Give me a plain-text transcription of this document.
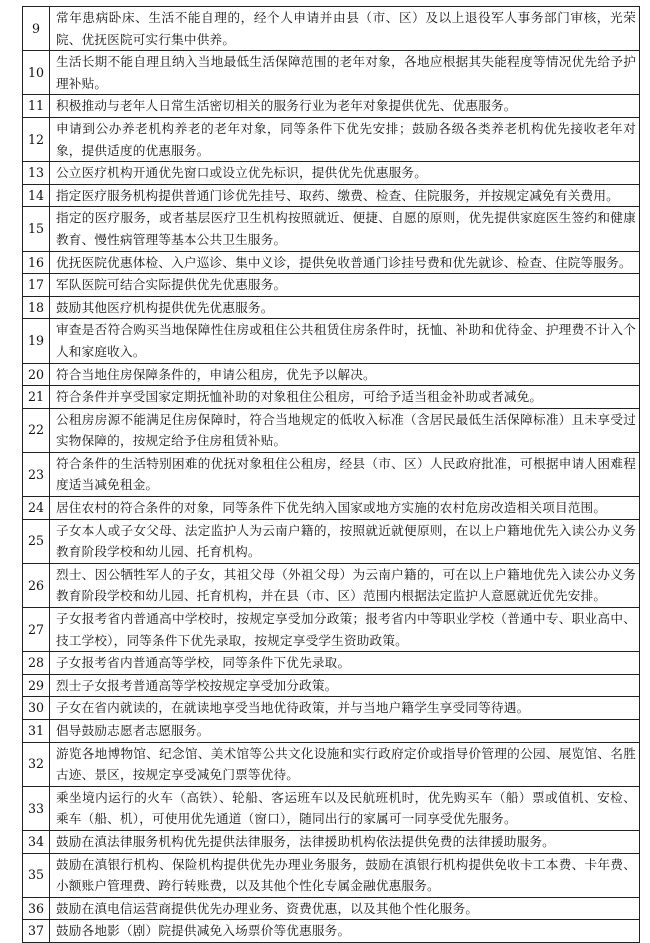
9	常年患病卧床、生活不能自理的，经个人申请并由县（市、区）及以上退役军人事务部门审核，光荣院、优抚医院可实行集中供养。
10	生活长期不能自理且纳入当地最低生活保障范围的老年对象，各地应根据其失能程度等情况优先给予护理补贴。
11	积极推动与老年人日常生活密切相关的服务行业为老年对象提供优先、优惠服务。
12	申请到公办养老机构养老的老年对象，同等条件下优先安排；鼓励各级各类养老机构优先接收老年对象，提供适度的优惠服务。
13	公立医疗机构开通优先窗口或设立优先标识，提供优先优惠服务。
14	指定医疗服务机构提供普通门诊优先挂号、取药、缴费、检查、住院服务，并按规定减免有关费用。
15	指定的医疗服务，或者基层医疗卫生机构按照就近、便捷、自愿的原则，优先提供家庭医生签约和健康教育、慢性病管理等基本公共卫生服务。
16	优抚医院优惠体检、入户巡诊、集中义诊，提供免收普通门诊挂号费和优先就诊、检查、住院等服务。
17	军队医院可结合实际提供优先优惠服务。
18	鼓励其他医疗机构提供优先优惠服务。
19	审查是否符合购买当地保障性住房或租住公共租赁住房条件时，抚恤、补助和优待金、护理费不计入个人和家庭收入。
20	符合当地住房保障条件的，申请公租房，优先予以解决。
21	符合条件并享受国家定期抚恤补助的对象租住公租房，可给予适当租金补助或者减免。
22	公租房房源不能满足住房保障时，符合当地规定的低收入标准（含居民最低生活保障标准）且未享受过实物保障的，按规定给予住房租赁补贴。
23	符合条件的生活特别困难的优抚对象租住公租房，经县（市、区）人民政府批准，可根据申请人困难程度适当减免租金。
24	居住农村的符合条件的对象，同等条件下优先纳入国家或地方实施的农村危房改造相关项目范围。
25	子女本人或子女父母、法定监护人为云南户籍的，按照就近就便原则，在以上户籍地优先入读公办义务教育阶段学校和幼儿园、托育机构。
26	烈士、因公牺牲军人的子女，其祖父母（外祖父母）为云南户籍的，可在以上户籍地优先入读公办义务教育阶段学校和幼儿园、托育机构，并在县（市、区）范围内根据法定监护人意愿就近优先安排。
27	子女报考省内普通高中学校时，按规定享受加分政策；报考省内中等职业学校（普通中专、职业高中、技工学校），同等条件下优先录取，按规定享受学生资助政策。
28	子女报考省内普通高等学校，同等条件下优先录取。
29	烈士子女报考普通高等学校按规定享受加分政策。
30	子女在省内就读的，在就读地享受当地优待政策，并与当地户籍学生享受同等待遇。
31	倡导鼓励志愿者志愿服务。
32	游览各地博物馆、纪念馆、美术馆等公共文化设施和实行政府定价或指导价管理的公园、展览馆、名胜古迹、景区，按规定享受减免门票等优待。
33	乘坐境内运行的火车（高铁）、轮船、客运班车以及民航班机时，优先购买车（船）票或值机、安检、乘车（船、机），可使用优先通道（窗口），随同出行的家属可一同享受优先服务。
34	鼓励在滇法律服务机构优先提供法律服务，法律援助机构依法提供免费的法律援助服务。
35	鼓励在滇银行机构、保险机构提供优先办理业务服务，鼓励在滇银行机构提供免收卡工本费、卡年费、小额账户管理费、跨行转账费，以及其他个性化专属金融优惠服务。
36	鼓励在滇电信运营商提供优先办理业务、资费优惠，以及其他个性化服务。
37	鼓励各地影（剧）院提供减免入场票价等优惠服务。
